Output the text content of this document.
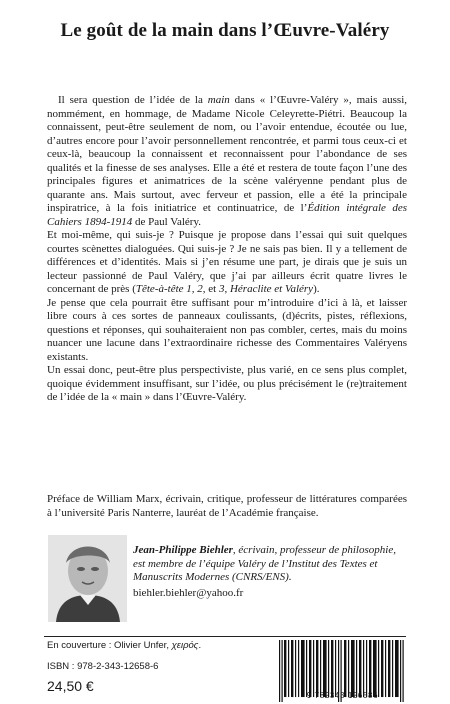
Le goût de la main dans l’Œuvre-Valéry

Il sera question de l’idée de la main dans « l’Œuvre-Valéry », mais aussi, nommément, en hommage, de Madame Nicole Celeyrette-Piétri. Beaucoup la connaissent, peut-être seulement de nom, ou l’avoir entendue, écoutée ou lue, d’autres encore pour l’avoir personnellement rencontrée, et parmi tous ceux-ci et ceux-là, beaucoup la connaissent et reconnaissent pour l’abondance de ses qualités et la finesse de ses analyses. Elle a été et restera de toute façon l’une des principales figures et animatrices de la scène valéryenne pendant plus de quarante ans. Mais surtout, avec ferveur et passion, elle a été la principale inspiratrice, à la fois initiatrice et continuatrice, de l’Édition intégrale des Cahiers 1894-1914 de Paul Valéry.

Et moi-même, qui suis-je ? Puisque je propose dans l’essai qui suit quelques courtes scènettes dialoguées. Qui suis-je ? Je ne sais pas bien. Il y a tellement de différences et d’identités. Mais si j’en résume une part, je dirais que je suis un lecteur passionné de Paul Valéry, que j’ai par ailleurs écrit quatre livres le concernant de près (Tête-à-tête 1, 2, et 3, Héraclite et Valéry).

Je pense que cela pourrait être suffisant pour m’introduire d’ici à là, et laisser libre cours à ces sortes de panneaux coulissants, (d)écrits, pistes, réflexions, questions et réponses, qui souhaiteraient non pas combler, certes, mais du moins nuancer une lacune dans l’extraordinaire richesse des Commentaires Valéryens existants.

Un essai donc, peut-être plus perspectiviste, plus varié, en ce sens plus complet, quoique évidemment insuffisant, sur l’idée, ou plus précisément le (re)traitement de l’idée de la « main » dans l’Œuvre-Valéry.

Préface de William Marx, écrivain, critique, professeur de littératures comparées à l’université Paris Nanterre, lauréat de l’Académie française.
Jean-Philippe Biehler, écrivain, professeur de philosophie, est membre de l’équipe Valéry de l’Institut des Textes et Manuscrits Modernes (CNRS/ENS).
biehler.biehler@yahoo.fr
En couverture : Olivier Unfer, χειρός.
ISBN : 978-2-343-12658-6
24,50 €
9 782343 126586
